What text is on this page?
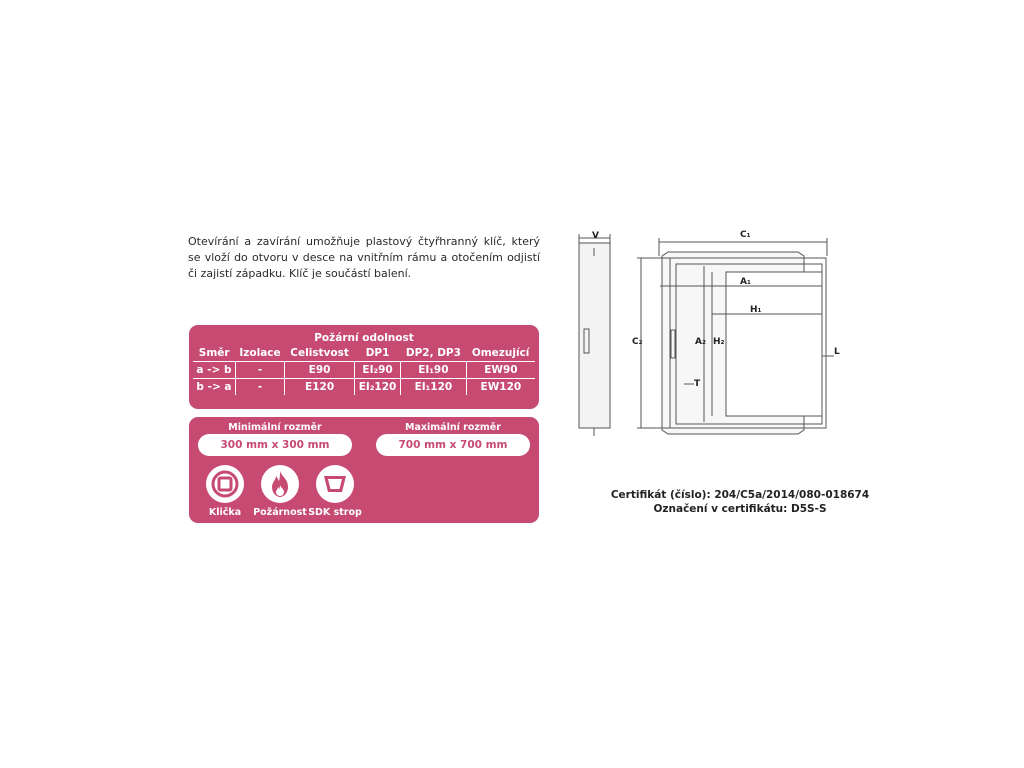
Otevírání a zavírání umožňuje plastový čtyřhranný klíč, který se vloží do otvoru v desce na vnitřním rámu a otočením odjistí či zajistí západku. Klíč je součástí balení.
Požární odolnost
Směr	Izolace	Celistvost	DP1	DP2, DP3	Omezující
a -> b	-	E90	EI₂90	EI₁90	EW90
b -> a	-	E120	EI₂120	EI₁120	EW120
Minimální rozměr
300 mm x 300 mm
Maximální rozměr
700 mm x 700 mm
Klička	Požárnost SDK strop
V	C₁
A₁
H₁
C₂	A₂ H₂
L
T
Certifikát (číslo): 204/C5a/2014/080-018674
Označení v certifikátu: D5S-S
